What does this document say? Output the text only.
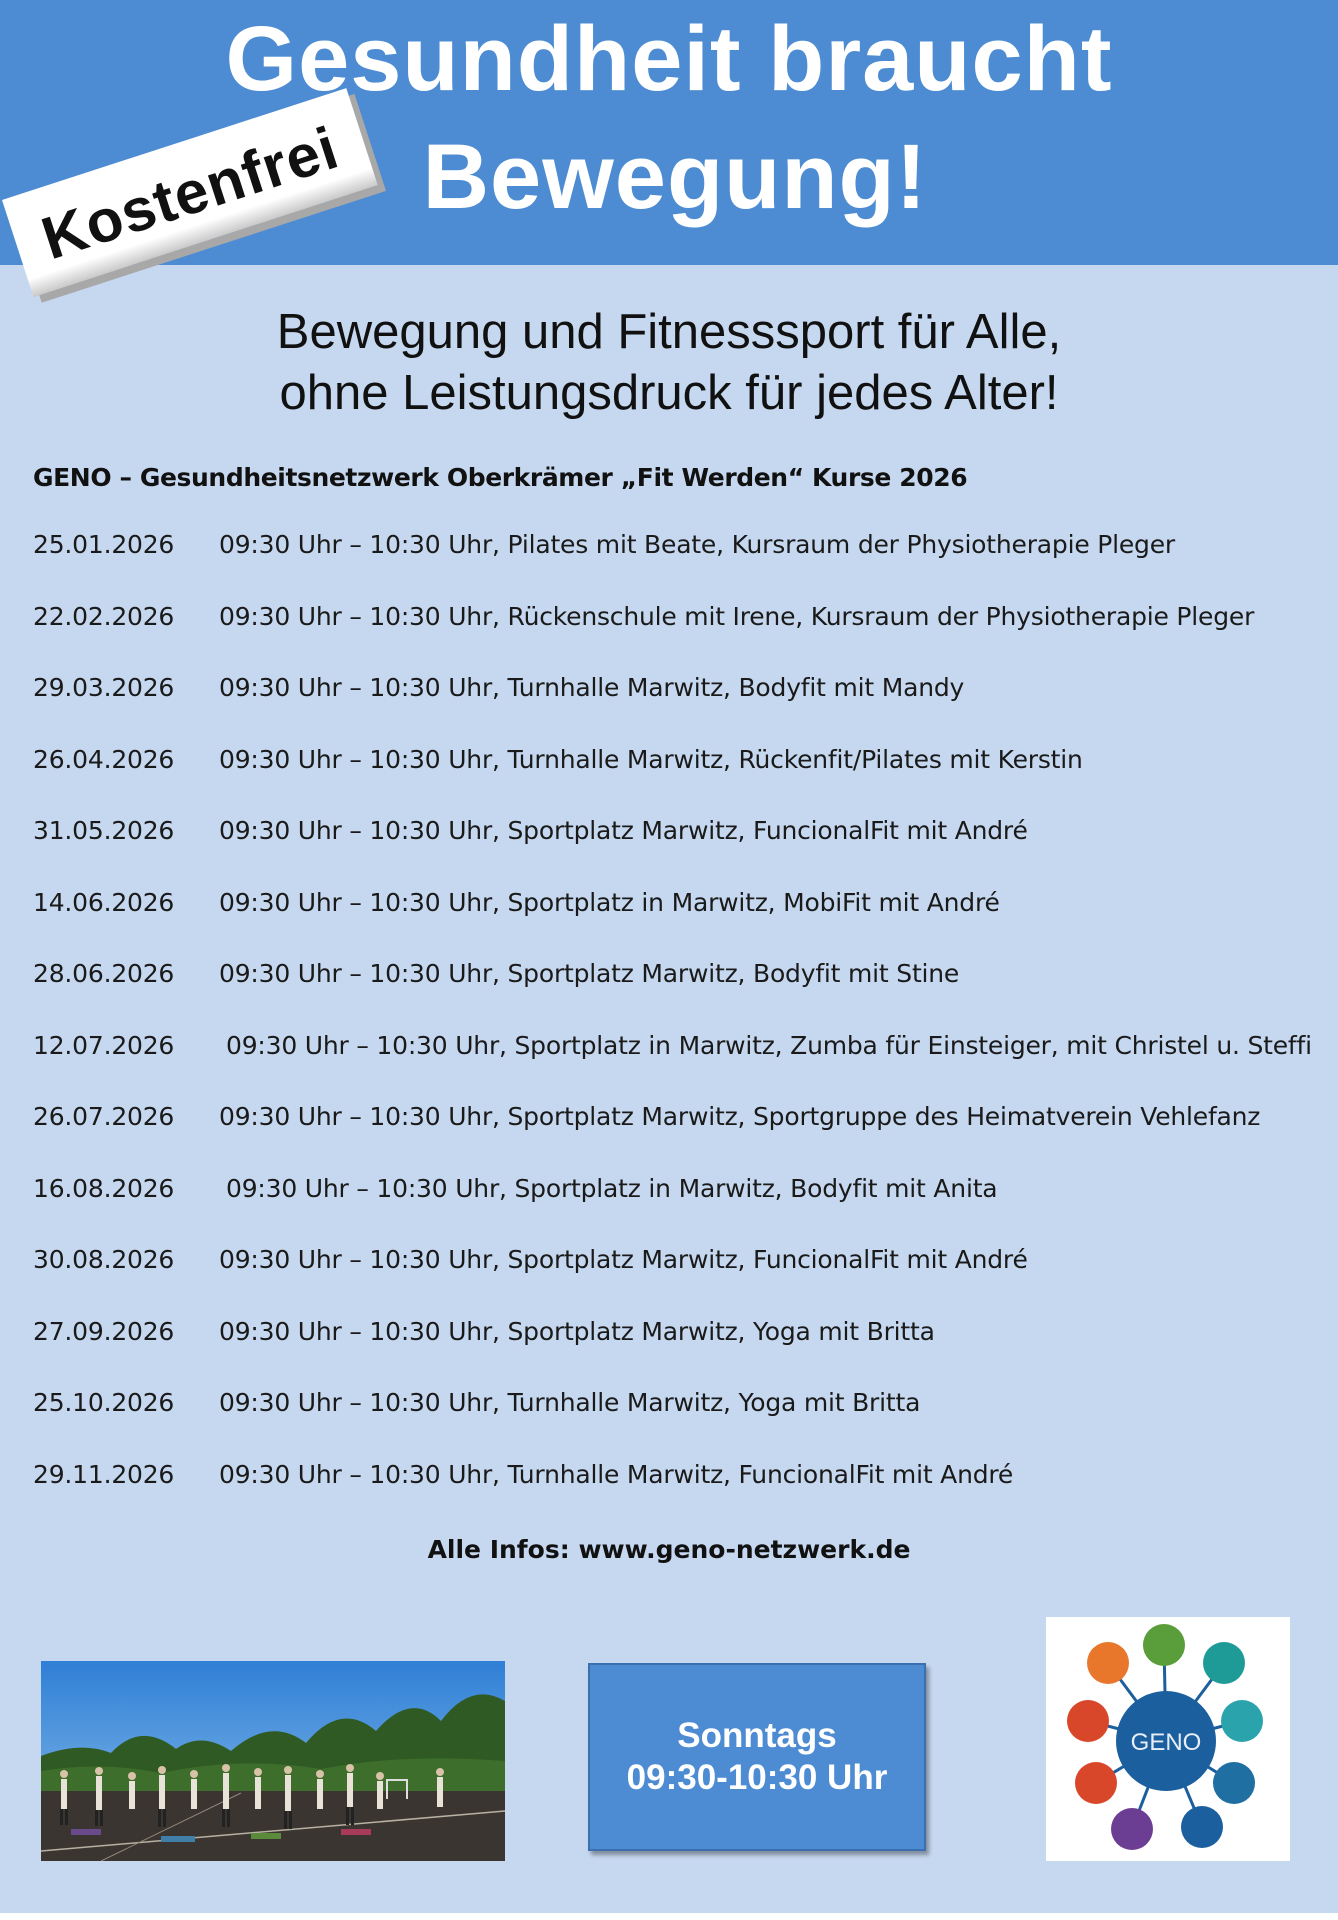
Gesundheit braucht
Bewegung!
Kostenfrei
Bewegung und Fitnesssport für Alle,
ohne Leistungsdruck für jedes Alter!
GENO – Gesundheitsnetzwerk Oberkrämer „Fit Werden“ Kurse 2026
25.01.2026 09:30 Uhr – 10:30 Uhr, Pilates mit Beate, Kursraum der Physiotherapie Pleger
22.02.2026 09:30 Uhr – 10:30 Uhr, Rückenschule mit Irene, Kursraum der Physiotherapie Pleger
29.03.2026 09:30 Uhr – 10:30 Uhr, Turnhalle Marwitz, Bodyfit mit Mandy
26.04.2026 09:30 Uhr – 10:30 Uhr, Turnhalle Marwitz, Rückenfit/Pilates mit Kerstin
31.05.2026 09:30 Uhr – 10:30 Uhr, Sportplatz Marwitz, FuncionalFit mit André
14.06.2026 09:30 Uhr – 10:30 Uhr, Sportplatz in Marwitz, MobiFit mit André
28.06.2026 09:30 Uhr – 10:30 Uhr, Sportplatz Marwitz, Bodyfit mit Stine
12.07.2026 09:30 Uhr – 10:30 Uhr, Sportplatz in Marwitz, Zumba für Einsteiger, mit Christel u. Steffi
26.07.2026 09:30 Uhr – 10:30 Uhr, Sportplatz Marwitz, Sportgruppe des Heimatverein Vehlefanz
16.08.2026 09:30 Uhr – 10:30 Uhr, Sportplatz in Marwitz, Bodyfit mit Anita
30.08.2026 09:30 Uhr – 10:30 Uhr, Sportplatz Marwitz, FuncionalFit mit André
27.09.2026 09:30 Uhr – 10:30 Uhr, Sportplatz Marwitz, Yoga mit Britta
25.10.2026 09:30 Uhr – 10:30 Uhr, Turnhalle Marwitz, Yoga mit Britta
29.11.2026 09:30 Uhr – 10:30 Uhr, Turnhalle Marwitz, FuncionalFit mit André
Alle Infos: www.geno-netzwerk.de
Sonntags
09:30-10:30 Uhr
GENO
